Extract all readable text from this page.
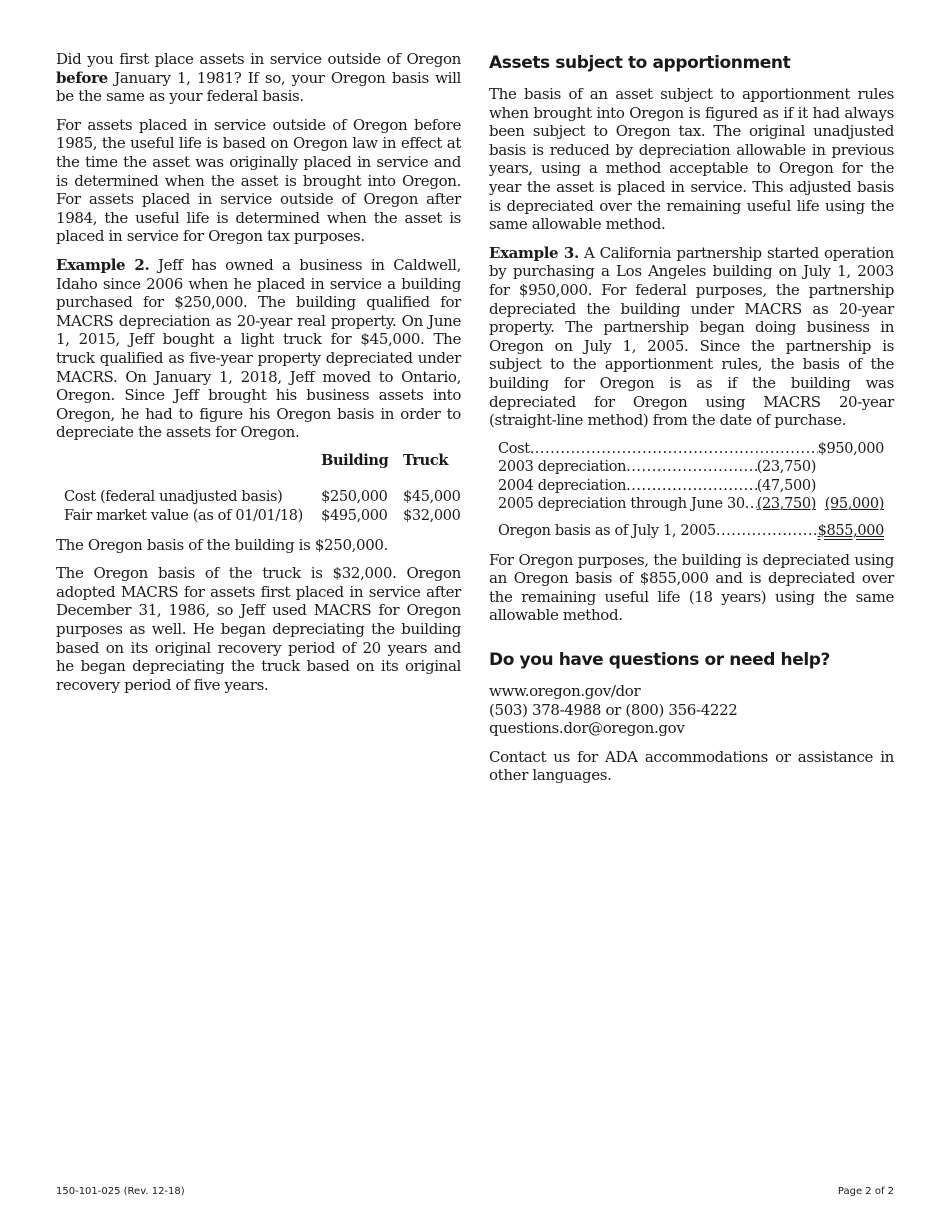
Did you first place assets in service outside of Oregon before January 1, 1981? If so, your Oregon basis will be the same as your federal basis.

For assets placed in service outside of Oregon before 1985, the useful life is based on Oregon law in effect at the time the asset was originally placed in service and is determined when the asset is brought into Oregon. For assets placed in service outside of Oregon after 1984, the useful life is determined when the asset is placed in service for Oregon tax purposes.

Example 2. Jeff has owned a business in Caldwell, Idaho since 2006 when he placed in service a building purchased for $250,000. The building qualified for MACRS depreciation as 20-year real property. On June 1, 2015, Jeff bought a light truck for $45,000. The truck qualified as five-year property depreciated under MACRS. On January 1, 2018, Jeff moved to Ontario, Oregon. Since Jeff brought his business assets into Oregon, he had to figure his Oregon basis in order to depreciate the assets for Oregon.

	Building	Truck
Cost (federal unadjusted basis)	$250,000	$45,000
Fair market value (as of 01/01/18)	$495,000	$32,000

The Oregon basis of the building is $250,000.

The Oregon basis of the truck is $32,000. Oregon adopted MACRS for assets first placed in service after December 31, 1986, so Jeff used MACRS for Oregon purposes as well. He began depreciating the building based on its original recovery period of 20 years and he began depreciating the truck based on its original recovery period of five years.

Assets subject to apportionment

The basis of an asset subject to apportionment rules when brought into Oregon is figured as if it had always been subject to Oregon tax. The original unadjusted basis is reduced by depreciation allowable in previous years, using a method acceptable to Oregon for the year the asset is placed in service. This adjusted basis is depreciated over the remaining useful life using the same allowable method.

Example 3. A California partnership started operation by purchasing a Los Angeles building on July 1, 2003 for $950,000. For federal purposes, the partnership depreciated the building under MACRS as 20-year property. The partnership began doing business in Oregon on July 1, 2005. Since the partnership is subject to the apportionment rules, the basis of the building for Oregon is as if the building was depreciated for Oregon using MACRS 20-year (straight-line method) from the date of purchase.

Cost .....	$950,000
2003 depreciation .....	(23,750)
2004 depreciation .....	(47,500)
2005 depreciation through June 30 ..... (23,750) (95,000)
Oregon basis as of July 1, 2005 .....	$855,000

For Oregon purposes, the building is depreciated using an Oregon basis of $855,000 and is depreciated over the remaining useful life (18 years) using the same allowable method.

Do you have questions or need help?

www.oregon.gov/dor

(503) 378-4988 or (800) 356-4222

questions.dor@oregon.gov

Contact us for ADA accommodations or assistance in other languages.

150-101-025 (Rev. 12-18)	Page 2 of 2
